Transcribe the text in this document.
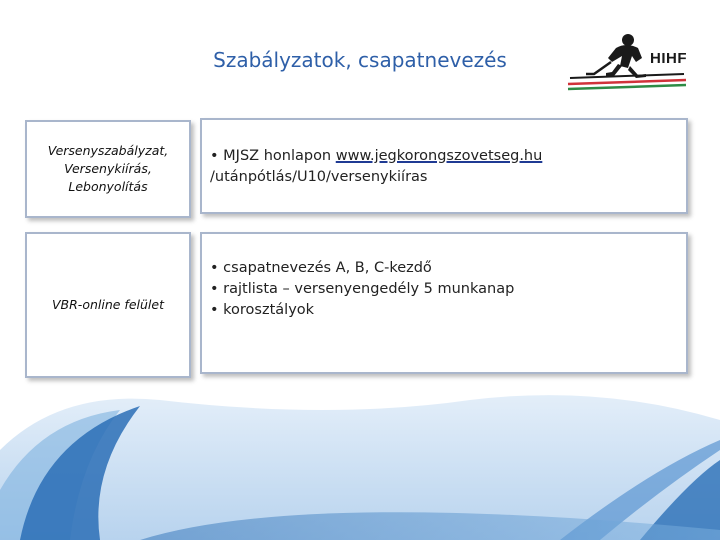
Szabályzatok, csapatnevezés	HIHF
Versenyszabályzat,
Versenykiírás,
Lebonyolítás
• MJSZ honlapon www.jegkorongszovetseg.hu
/utánpótlás/U10/versenykiíras
VBR-online felület
• csapatnevezés A, B, C-kezdő
• rajtlista – versenyengedély 5 munkanap
• korosztályok
